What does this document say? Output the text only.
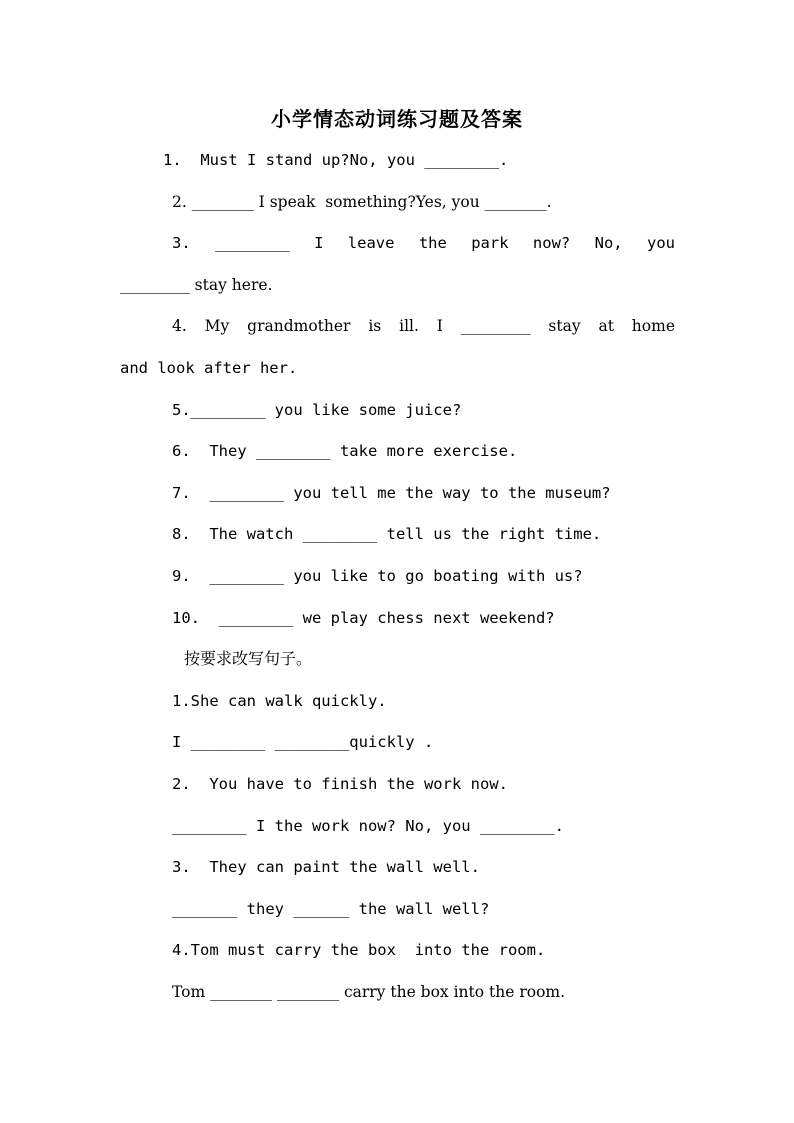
小学情态动词练习题及答案
1.  Must I stand up?No, you ________.
2. ________ I speak  something?Yes, you ________.
3. ________ I leave the park now? No, you
_________ stay here.
4. My grandmother is ill. I _________ stay at home
and look after her.
5.________ you like some juice?
6.  They ________ take more exercise.
7.  ________ you tell me the way to the museum?
8.  The watch ________ tell us the right time.
9.  ________ you like to go boating with us?
10.  ________ we play chess next weekend?
按要求改写句子。
1.She can walk quickly.
I ________ ________quickly .
2.  You have to finish the work now.
________ I the work now? No, you ________.
3.  They can paint the wall well.
_______ they ______ the wall well?
4.Tom must carry the box  into the room.
Tom ________ ________ carry the box into the room.
